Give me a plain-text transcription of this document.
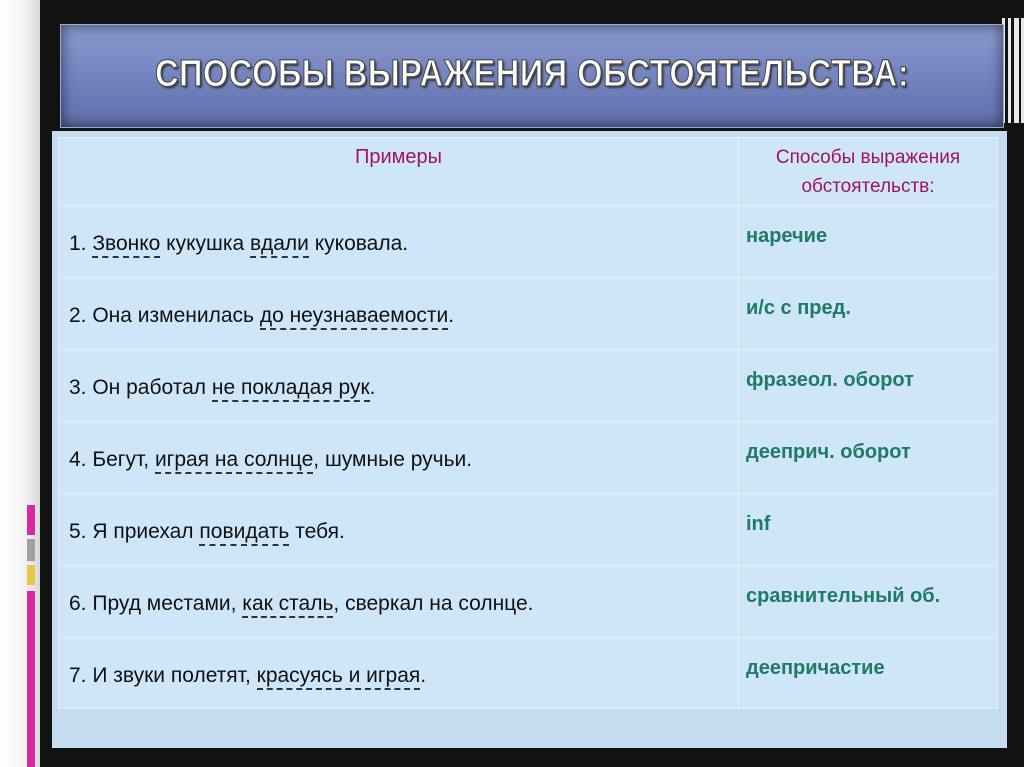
СПОСОБЫ ВЫРАЖЕНИЯ ОБСТОЯТЕЛЬСТВА:
Примеры	Способы выражения
обстоятельств:

1. Звонко кукушка вдали куковала.	наречие
2. Она изменилась до неузнаваемости.	и/с с пред.
3. Он работал не покладая рук.	фразеол. оборот
4. Бегут, играя на солнце, шумные ручьи.	дееприч. оборот
5. Я приехал повидать тебя.	inf
6. Пруд местами, как сталь, сверкал на солнце.	сравнительный об.
7. И звуки полетят, красуясь и играя.	деепричастие
